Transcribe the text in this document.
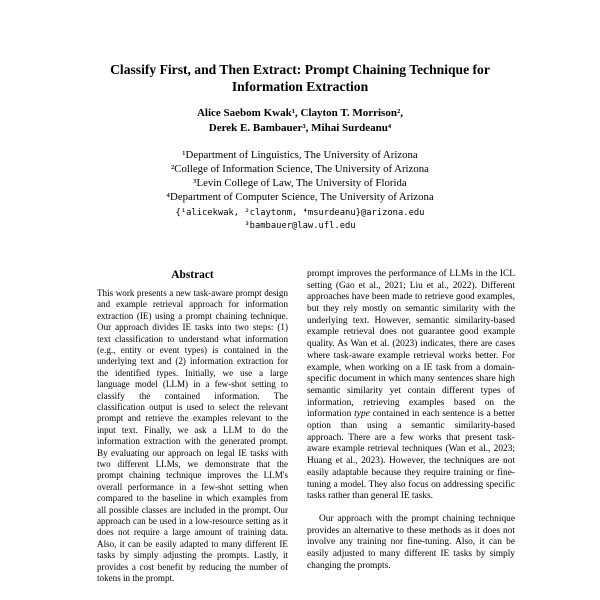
Classify First, and Then Extract: Prompt Chaining Technique for
Information Extraction
Alice Saebom Kwak¹, Clayton T. Morrison²,
Derek E. Bambauer³, Mihai Surdeanu⁴
¹Department of Linguistics, The University of Arizona
²College of Information Science, The University of Arizona
³Levin College of Law, The University of Florida
⁴Department of Computer Science, The University of Arizona
{¹alicekwak, ²claytonm, ⁴msurdeanu}@arizona.edu
³bambauer@law.ufl.edu
Abstract

This work presents a new task-aware prompt design and example retrieval approach for information extraction (IE) using a prompt chaining technique. Our approach divides IE tasks into two steps: (1) text classification to understand what information (e.g., entity or event types) is contained in the underlying text and (2) information extraction for the identified types. Initially, we use a large language model (LLM) in a few-shot setting to classify the contained information. The classification output is used to select the relevant prompt and retrieve the examples relevant to the input text. Finally, we ask a LLM to do the information extraction with the generated prompt. By evaluating our approach on legal IE tasks with two different LLMs, we demonstrate that the prompt chaining technique improves the LLM's overall performance in a few-shot setting when compared to the baseline in which examples from all possible classes are included in the prompt. Our approach can be used in a low-resource setting as it does not require a large amount of training data. Also, it can be easily adapted to many different IE tasks by simply adjusting the prompts. Lastly, it provides a cost benefit by reducing the number of tokens in the prompt.

prompt improves the performance of LLMs in the ICL setting (Gao et al., 2021; Liu et al., 2022). Different approaches have been made to retrieve good examples, but they rely mostly on semantic similarity with the underlying text. However, semantic similarity-based example retrieval does not guarantee good example quality. As Wan et al. (2023) indicates, there are cases where task-aware example retrieval works better. For example, when working on a IE task from a domain-specific document in which many sentences share high semantic similarity yet contain different types of information, retrieving examples based on the information type contained in each sentence is a better option than using a semantic similarity-based approach. There are a few works that present task-aware example retrieval techniques (Wan et al., 2023; Huang et al., 2023). However, the techniques are not easily adaptable because they require training or fine-tuning a model. They also focus on addressing specific tasks rather than general IE tasks.

Our approach with the prompt chaining technique provides an alternative to these methods as it does not involve any training nor fine-tuning. Also, it can be easily adjusted to many different IE tasks by simply changing the prompts.
